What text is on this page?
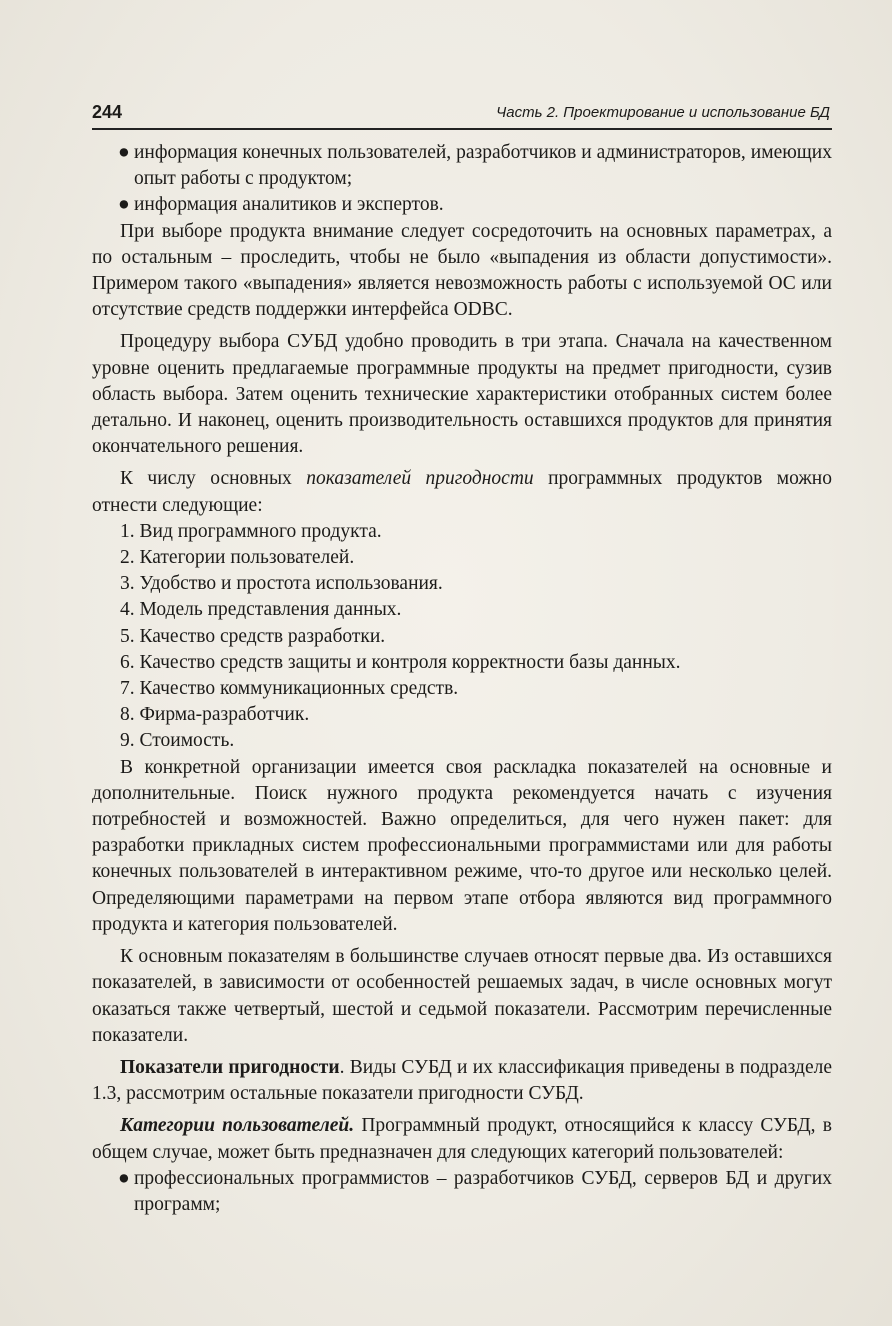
244	Часть 2. Проектирование и использование БД
● информация конечных пользователей, разработчиков и администраторов, имеющих опыт работы с продуктом;
● информация аналитиков и экспертов.

При выборе продукта внимание следует сосредоточить на основных параметрах, а по остальным – проследить, чтобы не было «выпадения из области допустимости». Примером такого «выпадения» является невозможность работы с используемой ОС или отсутствие средств поддержки интерфейса ODBC.

Процедуру выбора СУБД удобно проводить в три этапа. Сначала на качественном уровне оценить предлагаемые программные продукты на предмет пригодности, сузив область выбора. Затем оценить технические характеристики отобранных систем более детально. И наконец, оценить производительность оставшихся продуктов для принятия окончательного решения.

К числу основных показателей пригодности программных продуктов можно отнести следующие:

1. Вид программного продукта.
2. Категории пользователей.
3. Удобство и простота использования.
4. Модель представления данных.
5. Качество средств разработки.
6. Качество средств защиты и контроля корректности базы данных.
7. Качество коммуникационных средств.
8. Фирма-разработчик.
9. Стоимость.

В конкретной организации имеется своя раскладка показателей на основные и дополнительные. Поиск нужного продукта рекомендуется начать с изучения потребностей и возможностей. Важно определиться, для чего нужен пакет: для разработки прикладных систем профессиональными программистами или для работы конечных пользователей в интерактивном режиме, что-то другое или несколько целей. Определяющими параметрами на первом этапе отбора являются вид программного продукта и категория пользователей.

К основным показателям в большинстве случаев относят первые два. Из оставшихся показателей, в зависимости от особенностей решаемых задач, в числе основных могут оказаться также четвертый, шестой и седьмой показатели. Рассмотрим перечисленные показатели.

Показатели пригодности. Виды СУБД и их классификация приведены в подразделе 1.3, рассмотрим остальные показатели пригодности СУБД.

Категории пользователей. Программный продукт, относящийся к классу СУБД, в общем случае, может быть предназначен для следующих категорий пользователей:

● профессиональных программистов – разработчиков СУБД, серверов БД и других программ;
